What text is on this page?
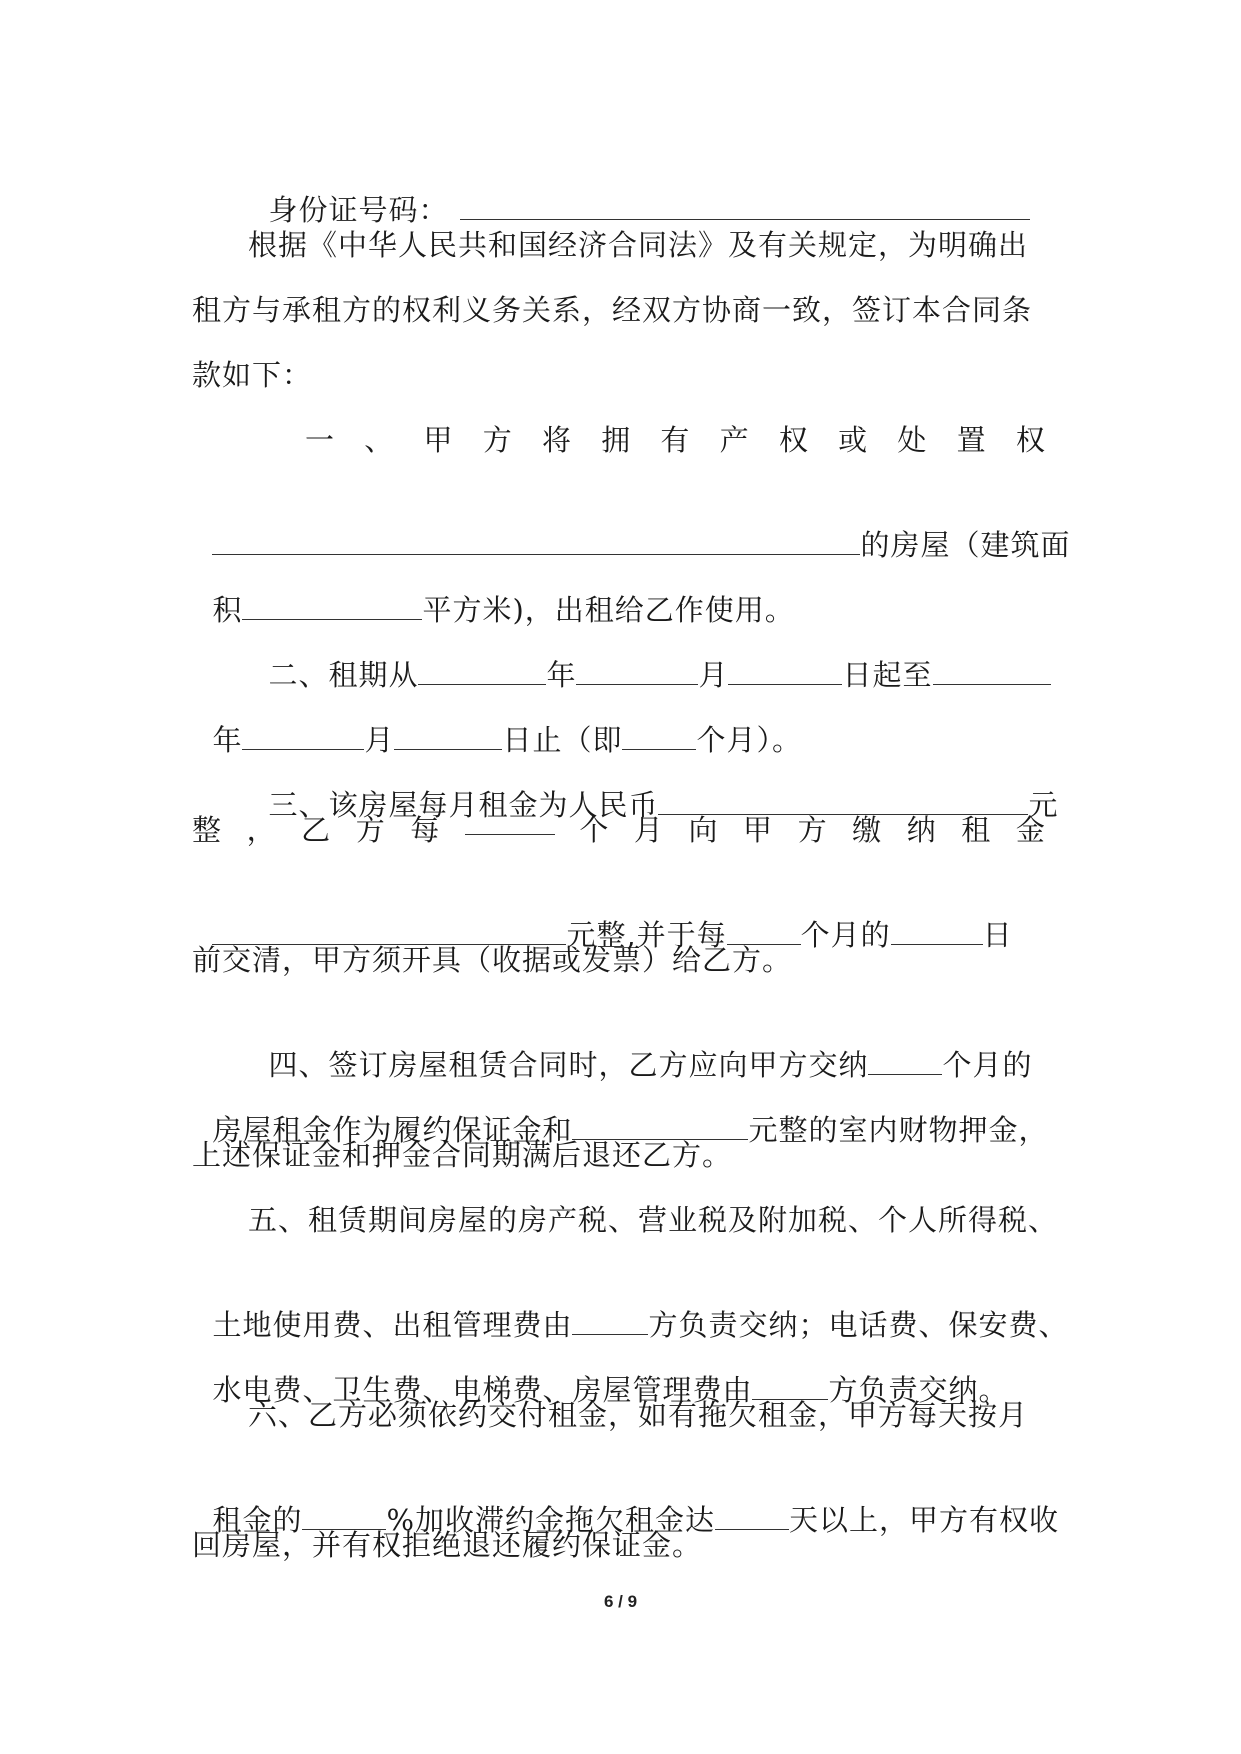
身份证号码：

根据《中华人民共和国经济合同法》及有关规定，为明确出
租方与承租方的权利义务关系，经双方协商一致，签订本合同条
款如下：
一 、 甲 方 将 拥 有 产 权 或 处 置 权

的房屋（建筑面

积	平方米)，出租给乙作使用。

二、租期从	年	月	日起至

年	月	日止（即	个月）。

三、该房屋每月租金为人民币	元

整 ， 乙 方 每	个 月 向 甲 方 缴 纳 租 金

元整,并于每	个月的	日

前交清，甲方须开具（收据或发票）给乙方。

四、签订房屋租赁合同时，乙方应向甲方交纳	个月的

房屋租金作为履约保证金和	元整的室内财物押金，

上述保证金和押金合同期满后退还乙方。
五、租赁期间房屋的房产税、营业税及附加税、个人所得税、

土地使用费、出租管理费由	方负责交纳；电话费、保安费、

水电费、卫生费、电梯费、房屋管理费由	方负责交纳。

六、乙方必须依约交付租金，如有拖欠租金，甲方每天按月

租金的	%加收滞约金拖欠租金达	天以上，甲方有权收

回房屋，并有权拒绝退还履约保证金。
6 / 9
